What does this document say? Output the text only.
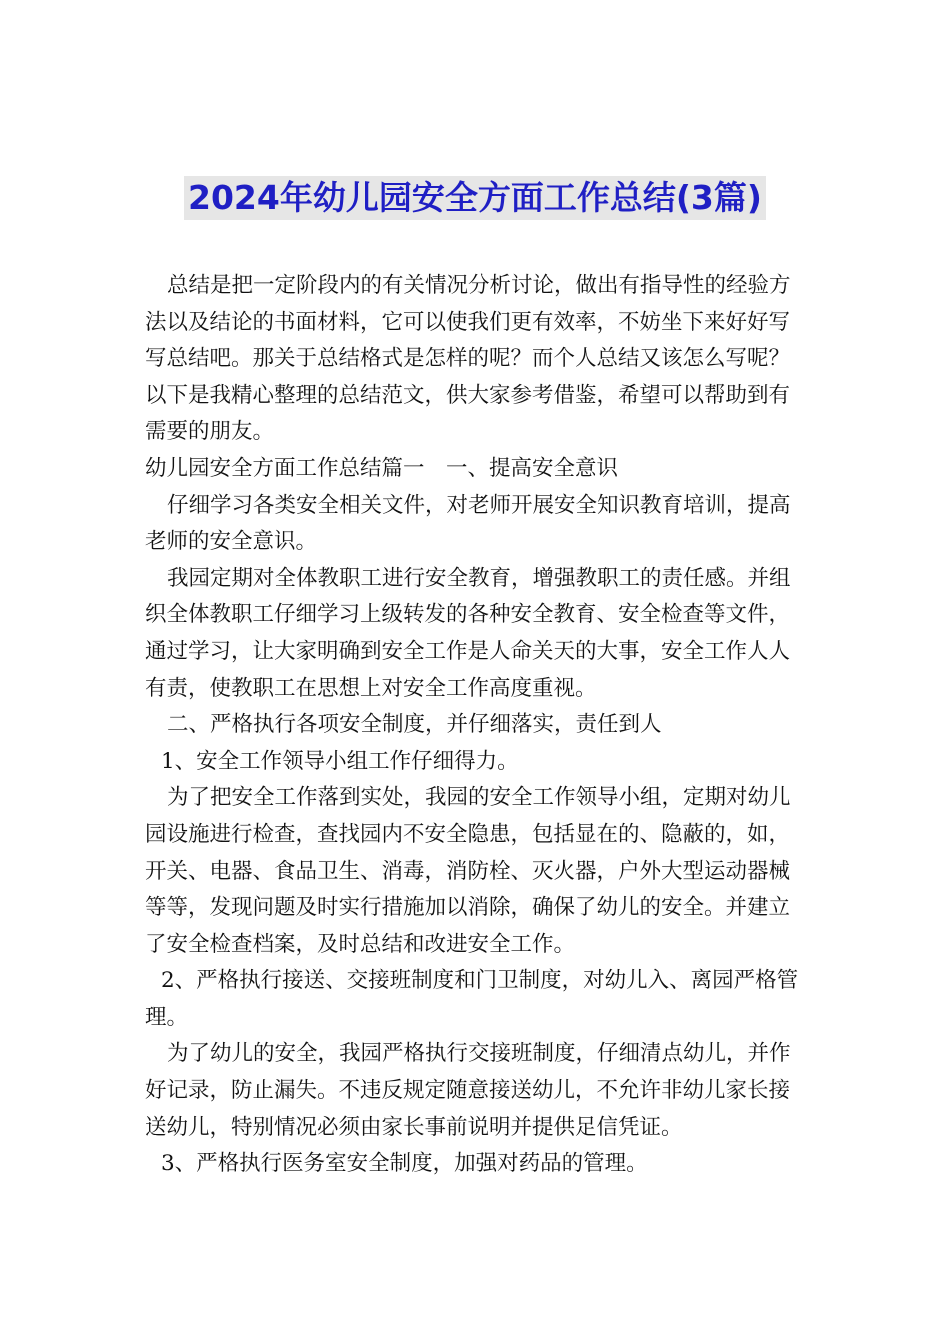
2024年幼儿园安全方面工作总结(3篇)

总结是把一定阶段内的有关情况分析讨论，做出有指导性的经验方法以及结论的书面材料，它可以使我们更有效率，不妨坐下来好好写写总结吧。那关于总结格式是怎样的呢？而个人总结又该怎么写呢？以下是我精心整理的总结范文，供大家参考借鉴，希望可以帮助到有需要的朋友。

幼儿园安全方面工作总结篇一　一、提高安全意识

仔细学习各类安全相关文件，对老师开展安全知识教育培训，提高老师的安全意识。

我园定期对全体教职工进行安全教育，增强教职工的责任感。并组织全体教职工仔细学习上级转发的各种安全教育、安全检查等文件，通过学习，让大家明确到安全工作是人命关天的大事，安全工作人人有责，使教职工在思想上对安全工作高度重视。

二、严格执行各项安全制度，并仔细落实，责任到人

1、安全工作领导小组工作仔细得力。

为了把安全工作落到实处，我园的安全工作领导小组，定期对幼儿园设施进行检查，查找园内不安全隐患，包括显在的、隐蔽的，如，开关、电器、食品卫生、消毒，消防栓、灭火器，户外大型运动器械等等，发现问题及时实行措施加以消除，确保了幼儿的安全。并建立了安全检查档案，及时总结和改进安全工作。

2、严格执行接送、交接班制度和门卫制度，对幼儿入、离园严格管理。

为了幼儿的安全，我园严格执行交接班制度，仔细清点幼儿，并作好记录，防止漏失。不违反规定随意接送幼儿，不允许非幼儿家长接送幼儿，特别情况必须由家长事前说明并提供足信凭证。

3、严格执行医务室安全制度，加强对药品的管理。
